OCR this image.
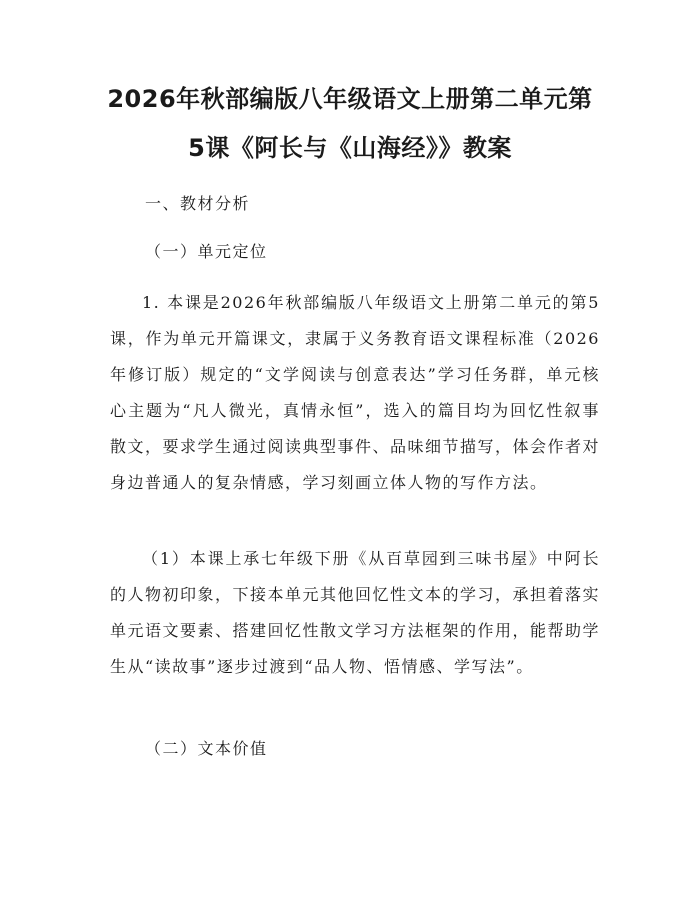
2026年秋部编版八年级语文上册第二单元第
5课《阿长与《山海经》》教案

一、教材分析

（一）单元定位

1. 本课是2026年秋部编版八年级语文上册第二单元的第5课，作为单元开篇课文，隶属于义务教育语文课程标准（2026年修订版）规定的“文学阅读与创意表达”学习任务群，单元核心主题为“凡人微光，真情永恒”，选入的篇目均为回忆性叙事散文，要求学生通过阅读典型事件、品味细节描写，体会作者对身边普通人的复杂情感，学习刻画立体人物的写作方法。

（1）本课上承七年级下册《从百草园到三味书屋》中阿长的人物初印象，下接本单元其他回忆性文本的学习，承担着落实单元语文要素、搭建回忆性散文学习方法框架的作用，能帮助学生从“读故事”逐步过渡到“品人物、悟情感、学写法”。

（二）文本价值
